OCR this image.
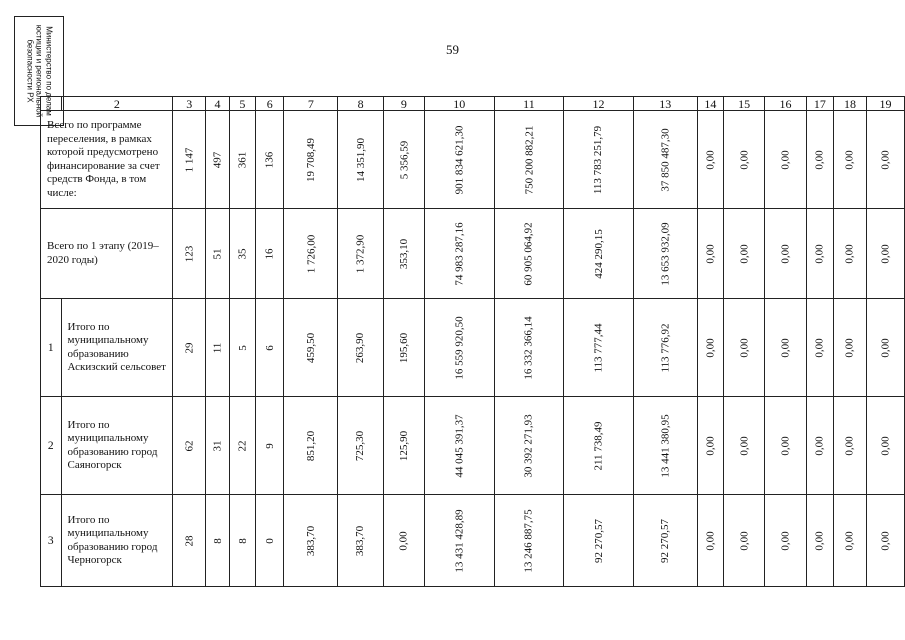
59
Министерство по делам
юстиции и региональной
безопасности РХ
	2	3	4	5	6	7	8	9	10	11	12	13	14	15	16	17	18	19
Всего по программе переселения, в рамках которой предусмотрено финансирование за счет средств Фонда, в том числе:		1 147	497	361	136	19 708,49	14 351,90	5 356,59	901 834 621,30	750 200 882,21	113 783 251,79	37 850 487,30	0,00	0,00	0,00	0,00	0,00	0,00
Всего по 1 этапу (2019–2020 годы)		123	51	35	16	1 726,00	1 372,90	353,10	74 983 287,16	60 905 064,92	424 290,15	13 653 932,09	0,00	0,00	0,00	0,00	0,00	0,00
1	Итого по муниципальному образованию Аскизский сельсовет	29	11	5	6	459,50	263,90	195,60	16 559 920,50	16 332 366,14	113 777,44	113 776,92	0,00	0,00	0,00	0,00	0,00	0,00
2	Итого по муниципальному образованию город Саяногорск	62	31	22	9	851,20	725,30	125,90	44 045 391,37	30 392 271,93	211 738,49	13 441 380,95	0,00	0,00	0,00	0,00	0,00	0,00
3	Итого по муниципальному образованию город Черногорск	28	8	8	0	383,70	383,70	0,00	13 431 428,89	13 246 887,75	92 270,57	92 270,57	0,00	0,00	0,00	0,00	0,00	0,00
